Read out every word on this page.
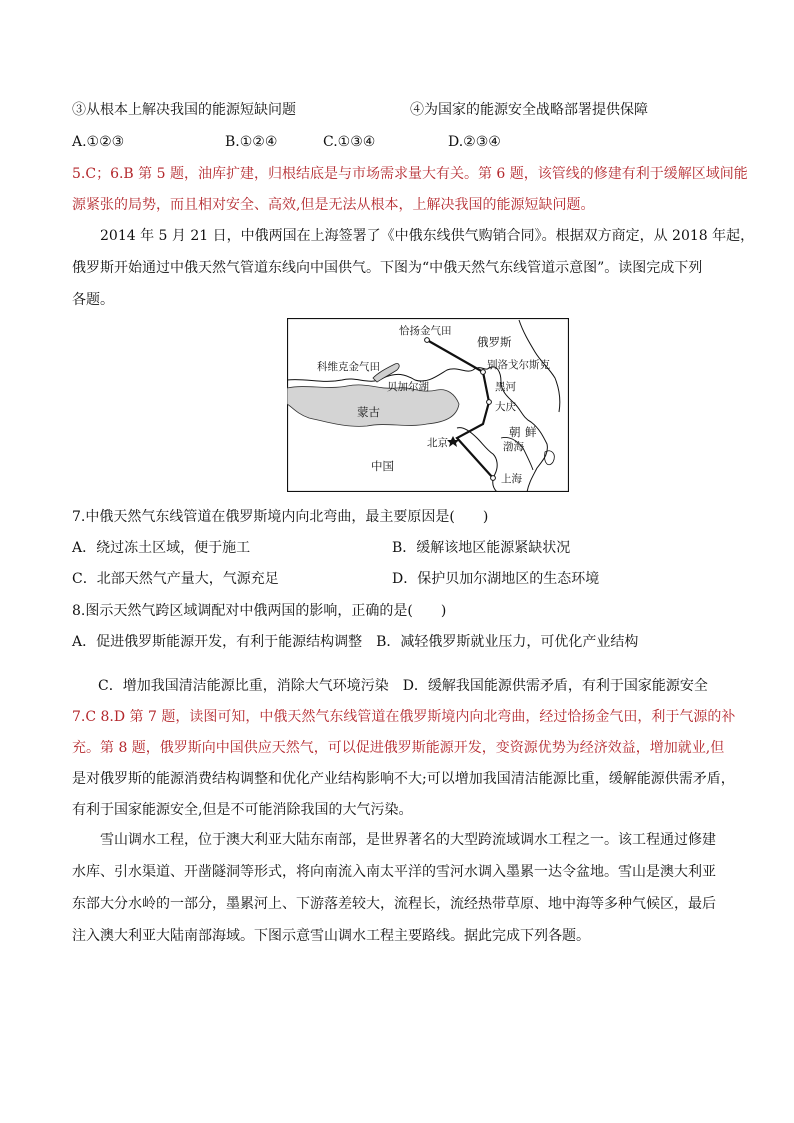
③从根本上解决我国的能源短缺问题	④为国家的能源安全战略部署提供保障
A.①②③	B.①②④	C.①③④	D.②③④
5.C；6.B 第 5 题，油库扩建，归根结底是与市场需求量大有关。第 6 题，该管线的修建有利于缓解区域间能
源紧张的局势，而且相对安全、高效,但是无法从根本，上解决我国的能源短缺问题。
2014 年 5 月 21 日，中俄两国在上海签署了《中俄东线供气购销合同》。根据双方商定，从 2018 年起，
俄罗斯开始通过中俄天然气管道东线向中国供气。下图为“中俄天然气东线管道示意图”。读图完成下列
各题。
恰扬金气田
俄罗斯
科维克金气田	别洛戈尔斯克
贝加尔湖	黑河
大庆
蒙古
朝 鲜
渤海
北京
中国
上海
7.中俄天然气东线管道在俄罗斯境内向北弯曲，最主要原因是(　　)
A．绕过冻土区域，便于施工	B．缓解该地区能源紧缺状况
C．北部天然气产量大，气源充足	D．保护贝加尔湖地区的生态环境
8.图示天然气跨区域调配对中俄两国的影响，正确的是(　　)
A．促进俄罗斯能源开发，有利于能源结构调整　B．减轻俄罗斯就业压力，可优化产业结构
C．增加我国清洁能源比重，消除大气环境污染　D．缓解我国能源供需矛盾，有利于国家能源安全
7.C 8.D 第 7 题，读图可知，中俄天然气东线管道在俄罗斯境内向北弯曲，经过恰扬金气田，利于气源的补
充。第 8 题，俄罗斯向中国供应天然气，可以促进俄罗斯能源开发，变资源优势为经济效益，增加就业,但
是对俄罗斯的能源消费结构调整和优化产业结构影响不大;可以增加我国清洁能源比重，缓解能源供需矛盾，
有利于国家能源安全,但是不可能消除我国的大气污染。
雪山调水工程，位于澳大利亚大陆东南部，是世界著名的大型跨流域调水工程之一。该工程通过修建
水库、引水渠道、开凿隧洞等形式，将向南流入南太平洋的雪河水调入墨累一达令盆地。雪山是澳大利亚
东部大分水岭的一部分，墨累河上、下游落差较大，流程长，流经热带草原、地中海等多种气候区，最后
注入澳大利亚大陆南部海域。下图示意雪山调水工程主要路线。据此完成下列各题。
